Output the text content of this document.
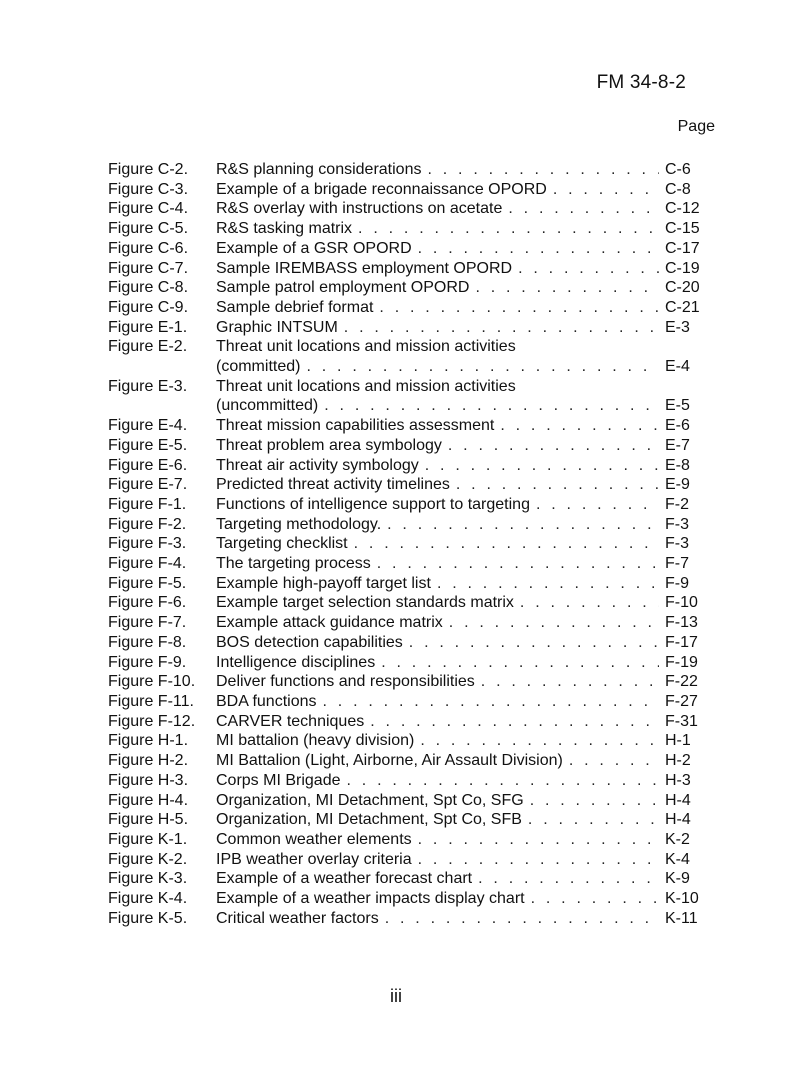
FM 34-8-2
Page
Figure C-2. R&S planning considerations . . .	C-6
Figure C-3. Example of a brigade reconnaissance OPORD . . .	C-8
Figure C-4. R&S overlay with instructions on acetate . . .	C-12
Figure C-5. R&S tasking matrix . . .	C-15
Figure C-6. Example of a GSR OPORD . . .	C-17
Figure C-7. Sample IREMBASS employment OPORD . . .	C-19
Figure C-8. Sample patrol employment OPORD . . .	C-20
Figure C-9. Sample debrief format . . .	C-21
Figure E-1. Graphic INTSUM . . .	E-3
Figure E-2. Threat unit locations and mission activities
(committed) . . .	E-4
Figure E-3. Threat unit locations and mission activities
(uncommitted) . . .	E-5
Figure E-4. Threat mission capabilities assessment . . .	E-6
Figure E-5. Threat problem area symbology . . .	E-7
Figure E-6. Threat air activity symbology . . .	E-8
Figure E-7. Predicted threat activity timelines . . .	E-9
Figure F-1. Functions of intelligence support to targeting . . .	F-2
Figure F-2. Targeting methodology. . . .	F-3
Figure F-3. Targeting checklist . . .	F-3
Figure F-4. The targeting process . . .	F-7
Figure F-5. Example high-payoff target list . . .	F-9
Figure F-6. Example target selection standards matrix . . .	F-10
Figure F-7. Example attack guidance matrix . . .	F-13
Figure F-8. BOS detection capabilities . . .	F-17
Figure F-9. Intelligence disciplines . . .	F-19
Figure F-10. Deliver functions and responsibilities . . .	F-22
Figure F-11. BDA functions . . .	F-27
Figure F-12. CARVER techniques . . .	F-31
Figure H-1. MI battalion (heavy division) . . .	H-1
Figure H-2. MI Battalion (Light, Airborne, Air Assault Division) . . .	H-2
Figure H-3. Corps MI Brigade . . .	H-3
Figure H-4. Organization, MI Detachment, Spt Co, SFG . . .	H-4
Figure H-5. Organization, MI Detachment, Spt Co, SFB . . .	H-4
Figure K-1. Common weather elements . . .	K-2
Figure K-2. IPB weather overlay criteria . . .	K-4
Figure K-3. Example of a weather forecast chart . . .	K-9
Figure K-4. Example of a weather impacts display chart . . .	K-10
Figure K-5. Critical weather factors . . .	K-11
iii
